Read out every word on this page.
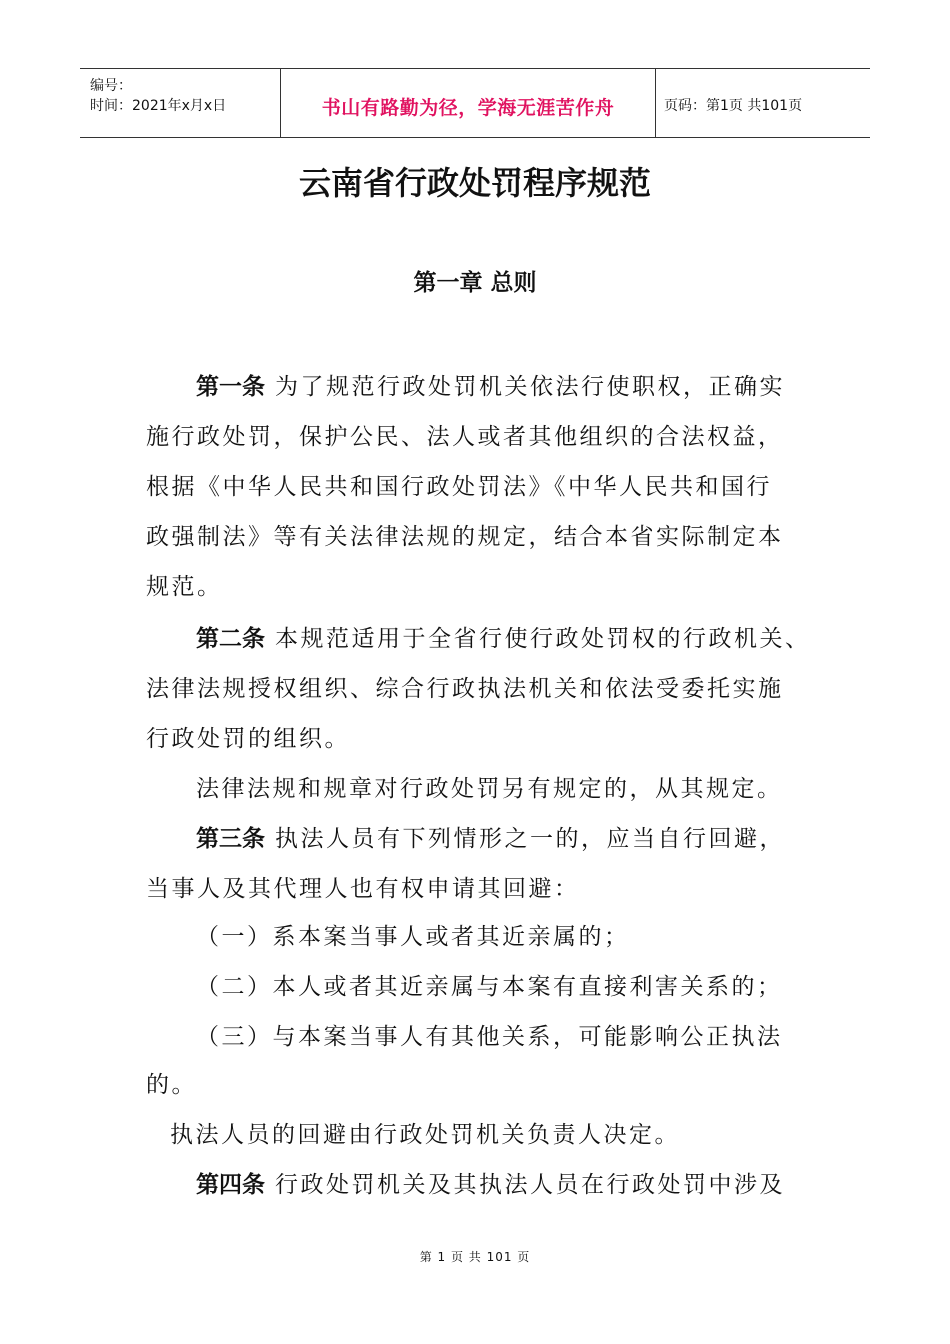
编号：
时间：2021年x月x日	书山有路勤为径，学海无涯苦作舟	页码：第1页 共101页
云南省行政处罚程序规范
第一章 总则
第一条 为了规范行政处罚机关依法行使职权，正确实
施行政处罚，保护公民、法人或者其他组织的合法权益，
根据《中华人民共和国行政处罚法》《中华人民共和国行
政强制法》等有关法律法规的规定，结合本省实际制定本
规范。
第二条 本规范适用于全省行使行政处罚权的行政机关、
法律法规授权组织、综合行政执法机关和依法受委托实施
行政处罚的组织。
法律法规和规章对行政处罚另有规定的，从其规定。
第三条 执法人员有下列情形之一的，应当自行回避，
当事人及其代理人也有权申请其回避：
（一）系本案当事人或者其近亲属的；
（二）本人或者其近亲属与本案有直接利害关系的；
（三）与本案当事人有其他关系，可能影响公正执法
的。
执法人员的回避由行政处罚机关负责人决定。
第四条 行政处罚机关及其执法人员在行政处罚中涉及
第 1 页 共 101 页
